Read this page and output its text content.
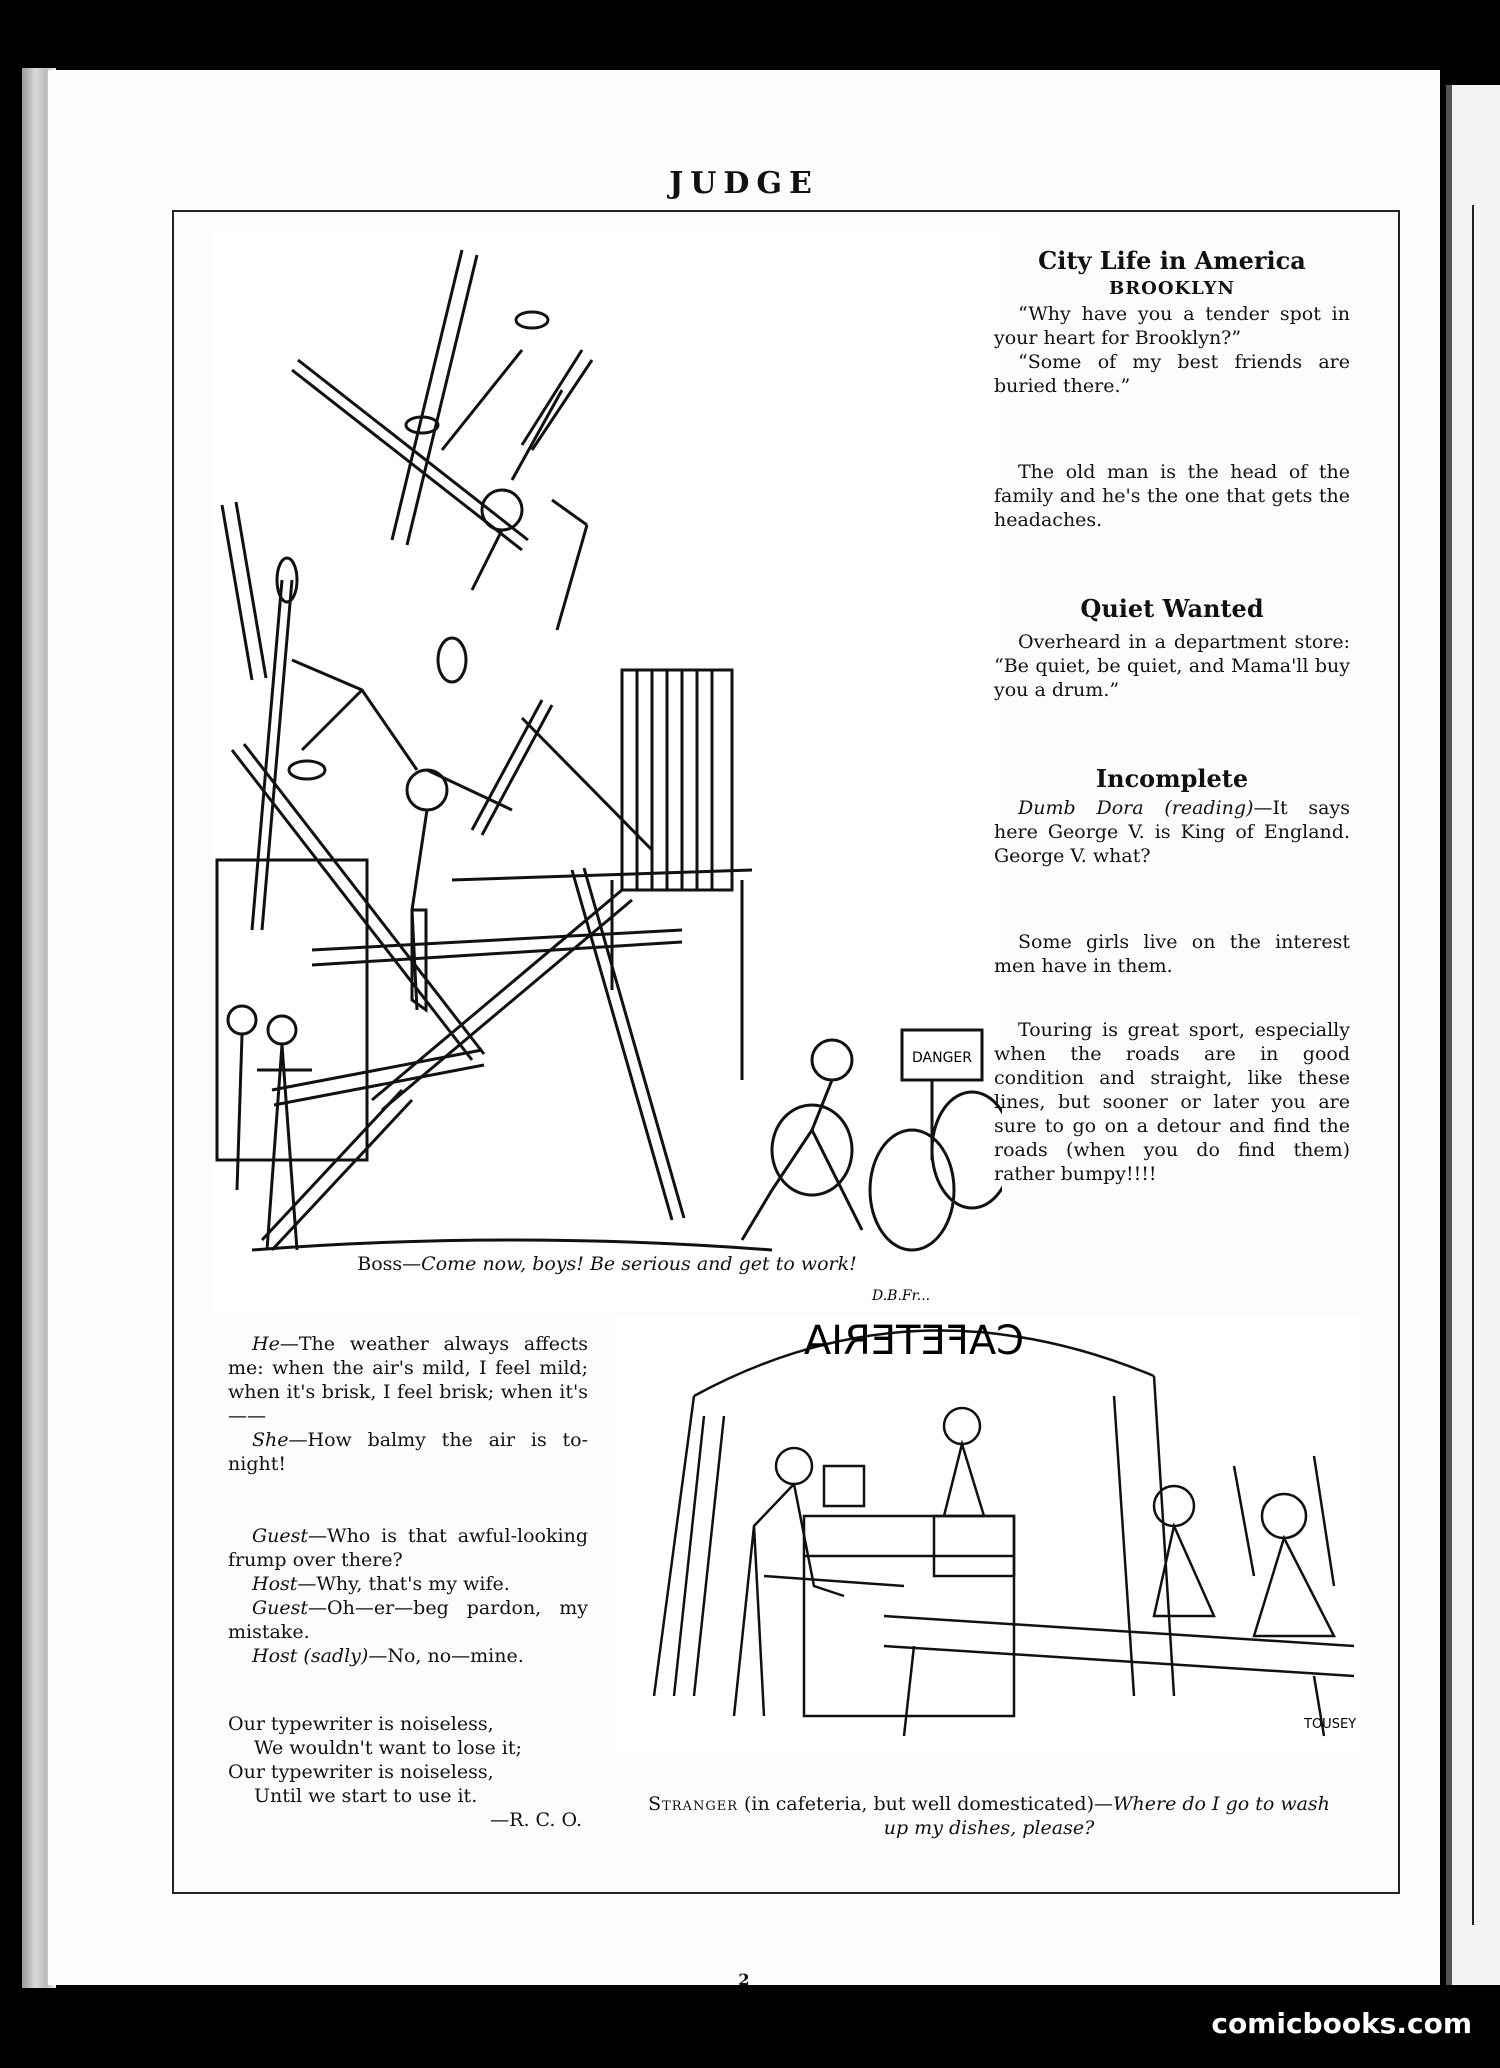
JUDGE
DANGER
D.B.Fr...
Boss—Come now, boys! Be serious and get to work!
City Life in America
BROOKLYN

“Why have you a tender spot in your heart for Brooklyn?”

“Some of my best friends are buried there.”

The old man is the head of the family and he's the one that gets the headaches.

Quiet Wanted

Overheard in a department store: “Be quiet, be quiet, and Mama'll buy you a drum.”

Incomplete

Dumb Dora (reading)—It says here George V. is King of England. George V. what?

Some girls live on the interest men have in them.

Touring is great sport, especially when the roads are in good condition and straight, like these lines, but sooner or later you are sure to go on a detour and find the roads (when you do find them) rather bumpy!!!!

He—The weather always affects me: when the air's mild, I feel mild; when it's brisk, I feel brisk; when it's——

She—How balmy the air is to-night!

Guest—Who is that awful-looking frump over there?

Host—Why, that's my wife.

Guest—Oh—er—beg pardon, my mistake.

Host (sadly)—No, no—mine.

Our typewriter is noiseless,

We wouldn't want to lose it;

Our typewriter is noiseless,

Until we start to use it.

—R. C. O.

CAFETERIA
TOUSEY
Stranger (in cafeteria, but well domesticated)—Where do I go to wash up my dishes, please?
2
comicbooks.com
